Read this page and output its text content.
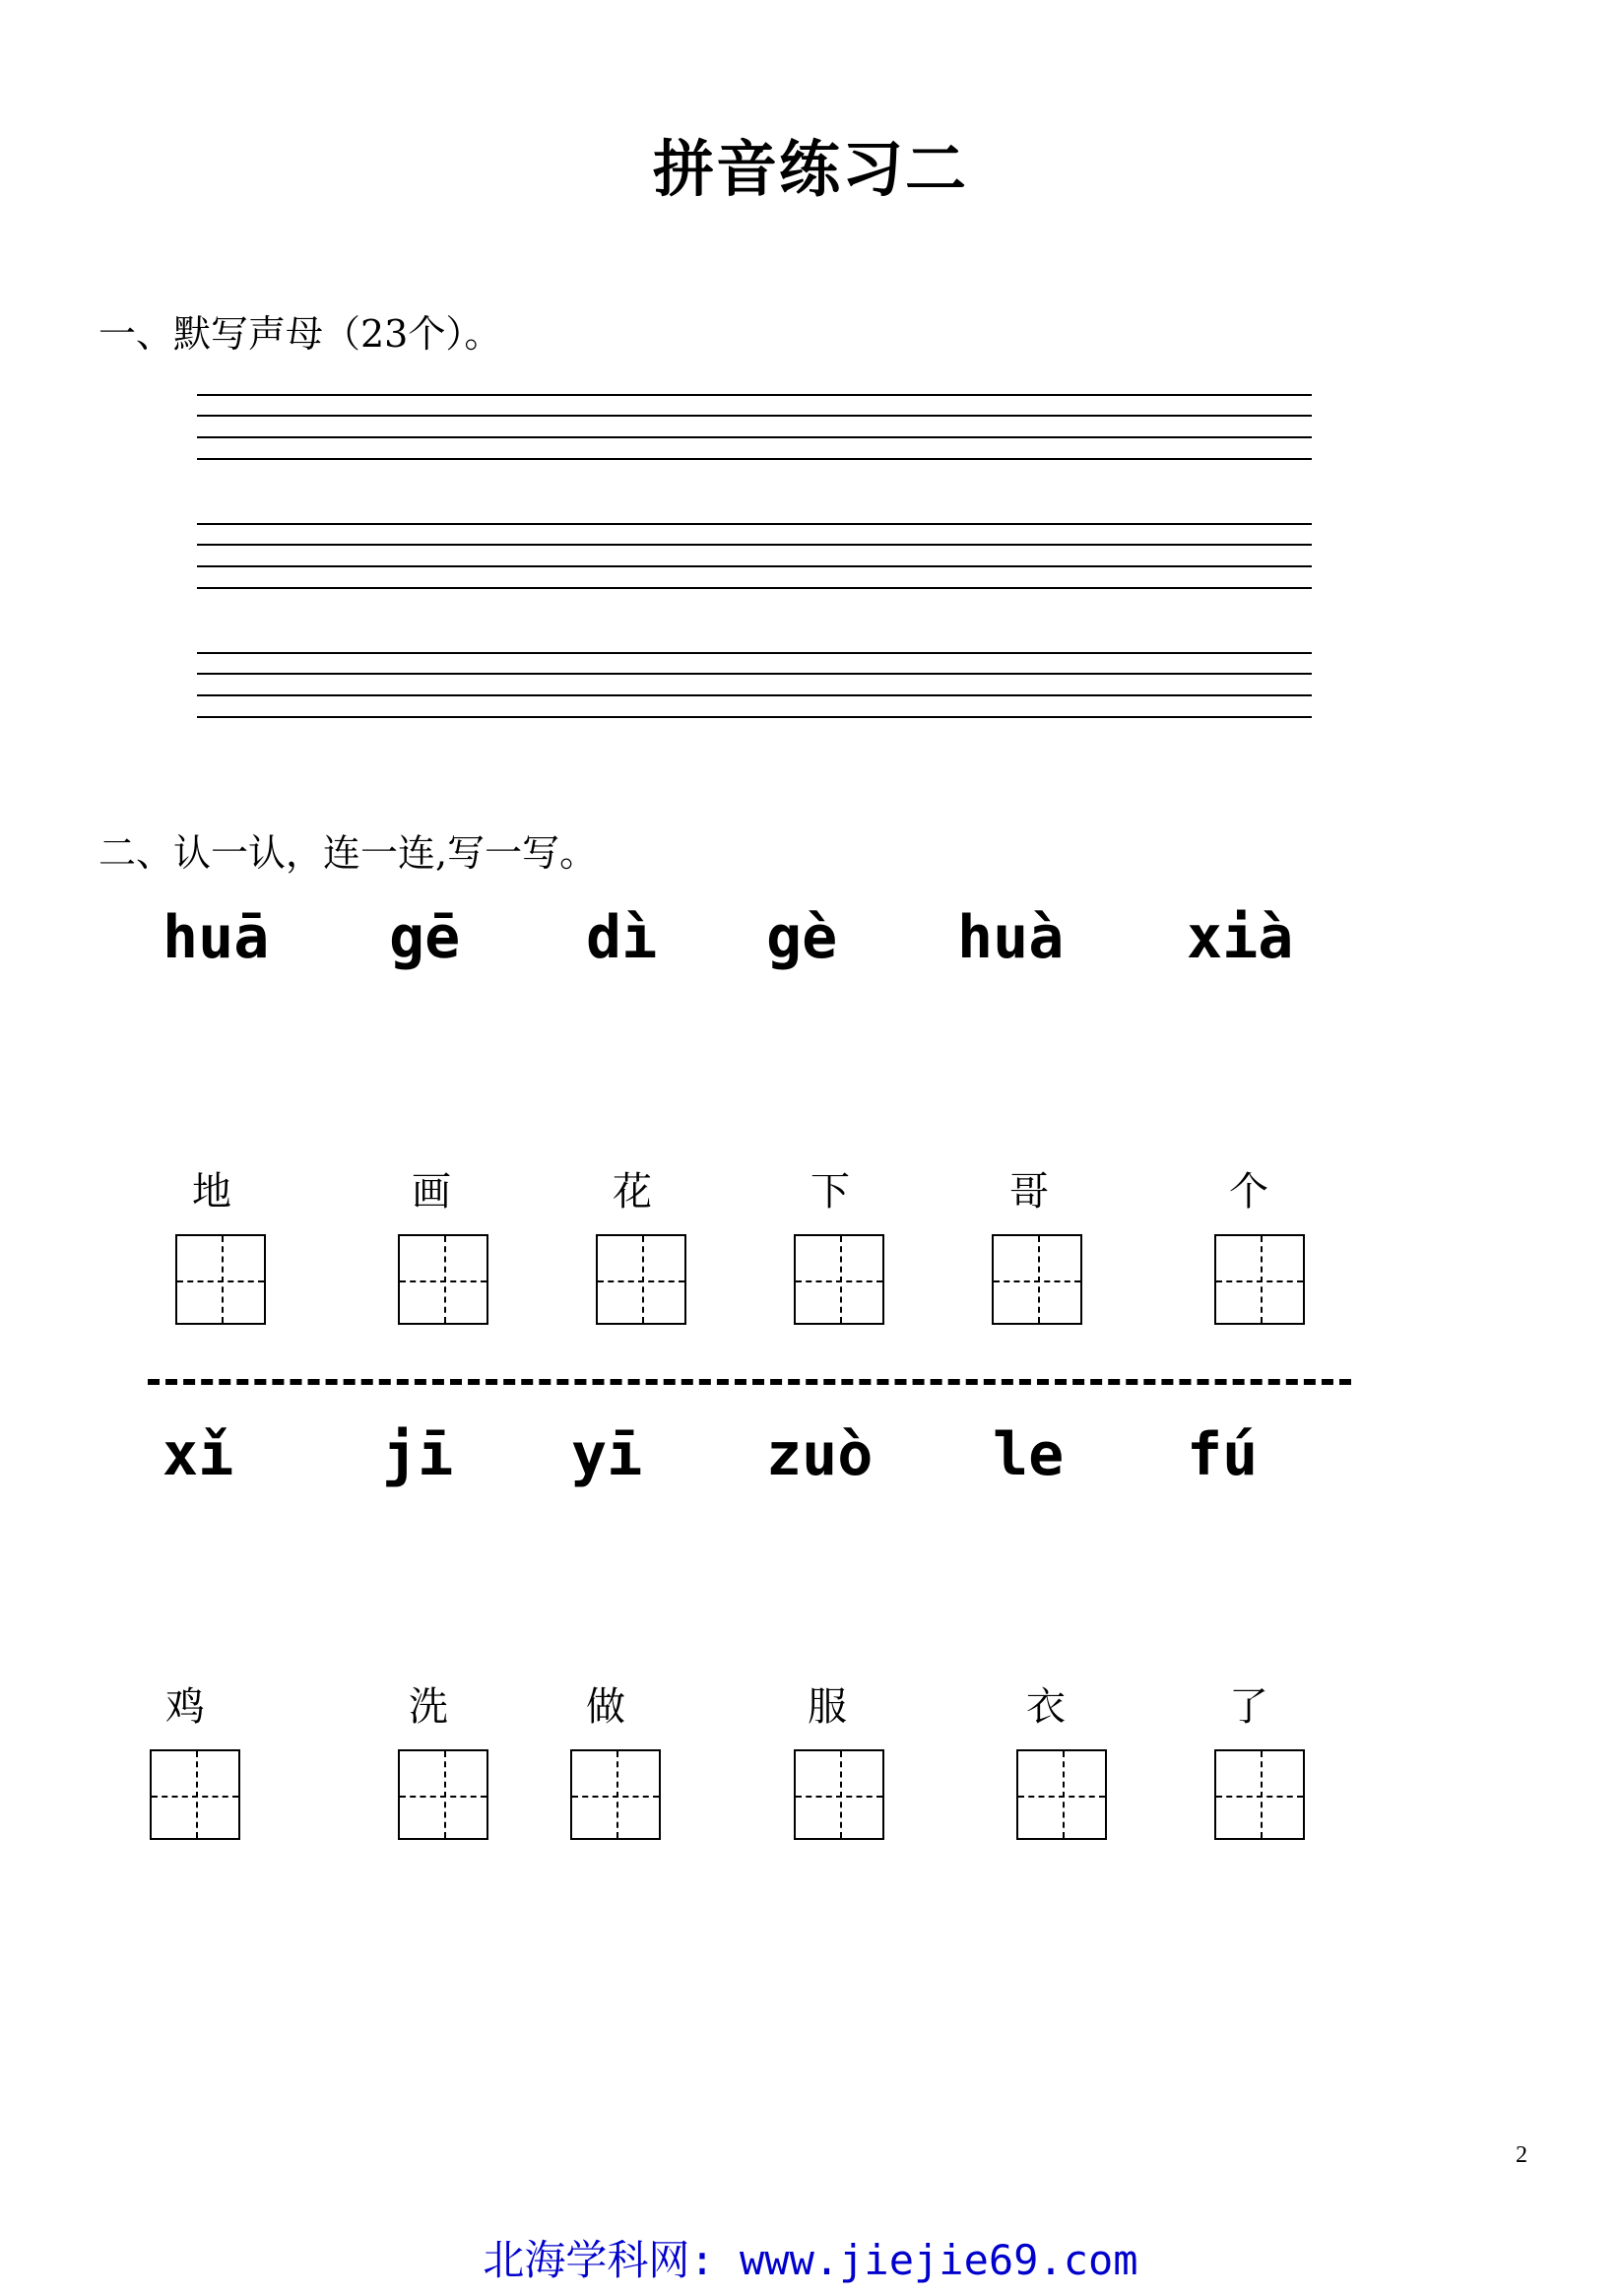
拼音练习二
一、默写声母（23个）。
二、认一认，连一连,写一写。
huā gē dì gè huà xià
地	画	花	下	哥	个
xǐ	jī yī zuò le fú
鸡	洗	做	服	衣	了
2
北海学科网: www.jiejie69.com
